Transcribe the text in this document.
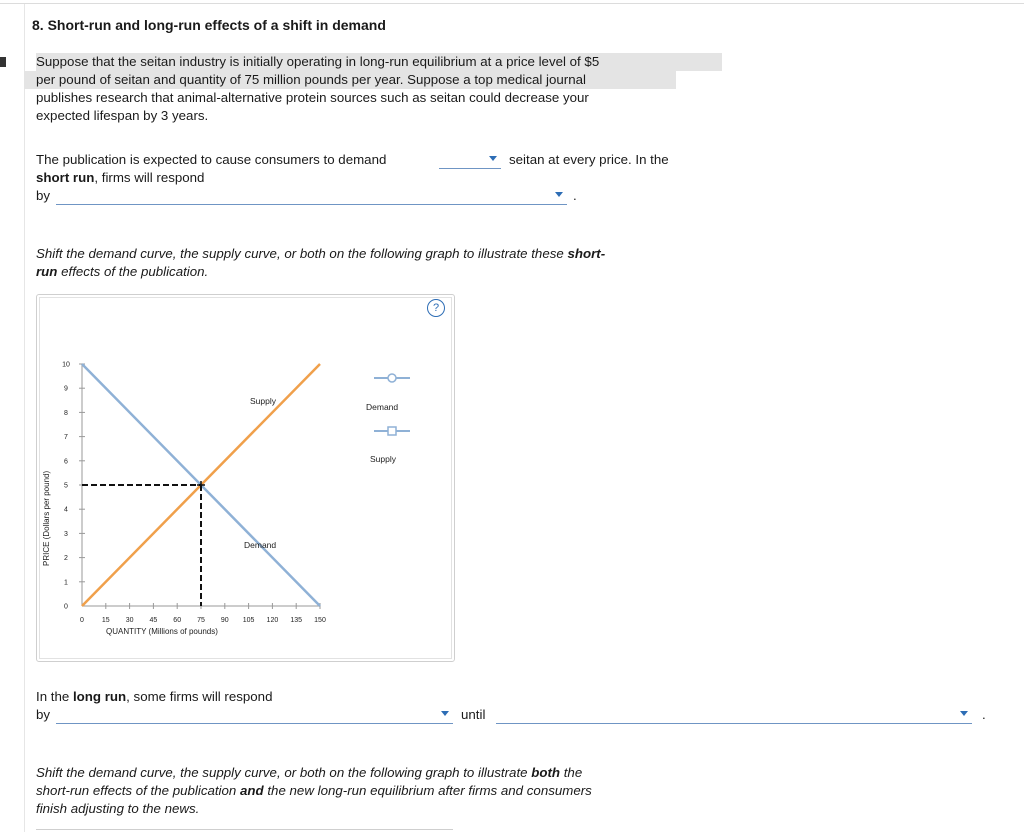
8. Short-run and long-run effects of a shift in demand
Suppose that the seitan industry is initially operating in long-run equilibrium at a price level of $5
per pound of seitan and quantity of 75 million pounds per year. Suppose a top medical journal
publishes research that animal-alternative protein sources such as seitan could decrease your
expected lifespan by 3 years.
The publication is expected to cause consumers to demand	seitan at every price. In the
short run, firms will respond
by	.
Shift the demand curve, the supply curve, or both on the following graph to illustrate these short-
run effects of the publication.
?
0	15 30 45 60 75 90 105 120 135 150
0
1
2
3
4
5
6
7
8
9
10
PRICE (Dollars per pound)
QUANTITY (Millions of pounds)
Supply
Demand
Demand
Supply
In the long run, some firms will respond
by	until	.
Shift the demand curve, the supply curve, or both on the following graph to illustrate both the
short-run effects of the publication and the new long-run equilibrium after firms and consumers
finish adjusting to the news.
